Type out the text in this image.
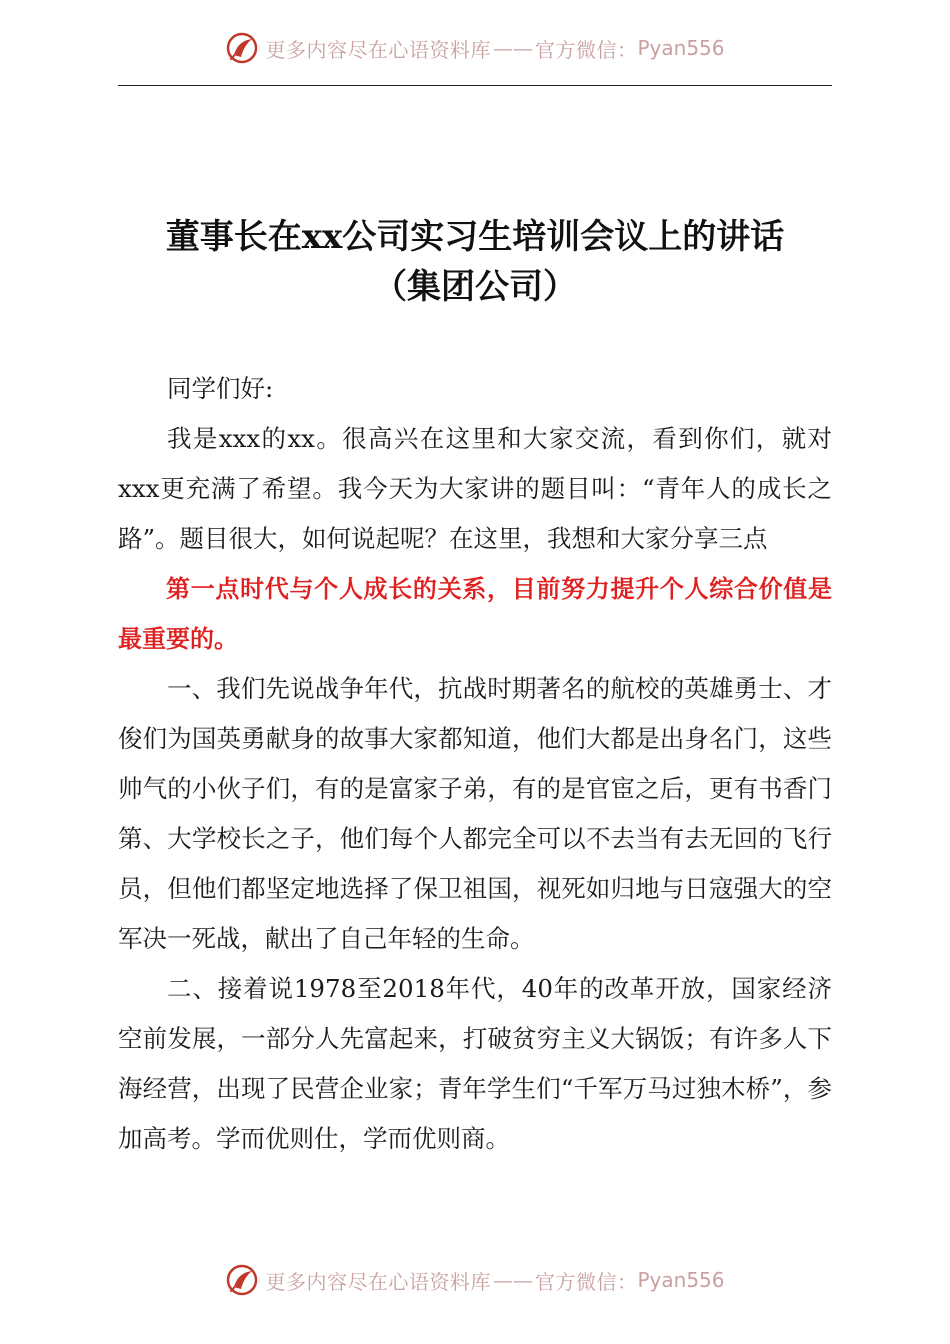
更多内容尽在心语资料库 —— 官方微信： Pyan556
董事长在xx公司实习生培训会议上的讲话
（集团公司）

同学们好:

我是xxx的xx。很高兴在这里和大家交流，看到你们，就对xxx更充满了希望。我今天为大家讲的题目叫：“青年人的成长之路”。题目很大，如何说起呢？在这里，我想和大家分享三点

第一点时代与个人成长的关系，目前努力提升个人综合价值是最重要的。

一、我们先说战争年代，抗战时期著名的航校的英雄勇士、才俊们为国英勇献身的故事大家都知道，他们大都是出身名门，这些帅气的小伙子们，有的是富家子弟，有的是官宦之后，更有书香门第、大学校长之子，他们每个人都完全可以不去当有去无回的飞行员，但他们都坚定地选择了保卫祖国，视死如归地与日寇强大的空军决一死战，献出了自己年轻的生命。

二、接着说1978至2018年代，40年的改革开放，国家经济空前发展，一部分人先富起来，打破贫穷主义大锅饭；有许多人下海经营，出现了民营企业家；青年学生们“千军万马过独木桥”，参加高考。学而优则仕，学而优则商。

更多内容尽在心语资料库 —— 官方微信： Pyan556
